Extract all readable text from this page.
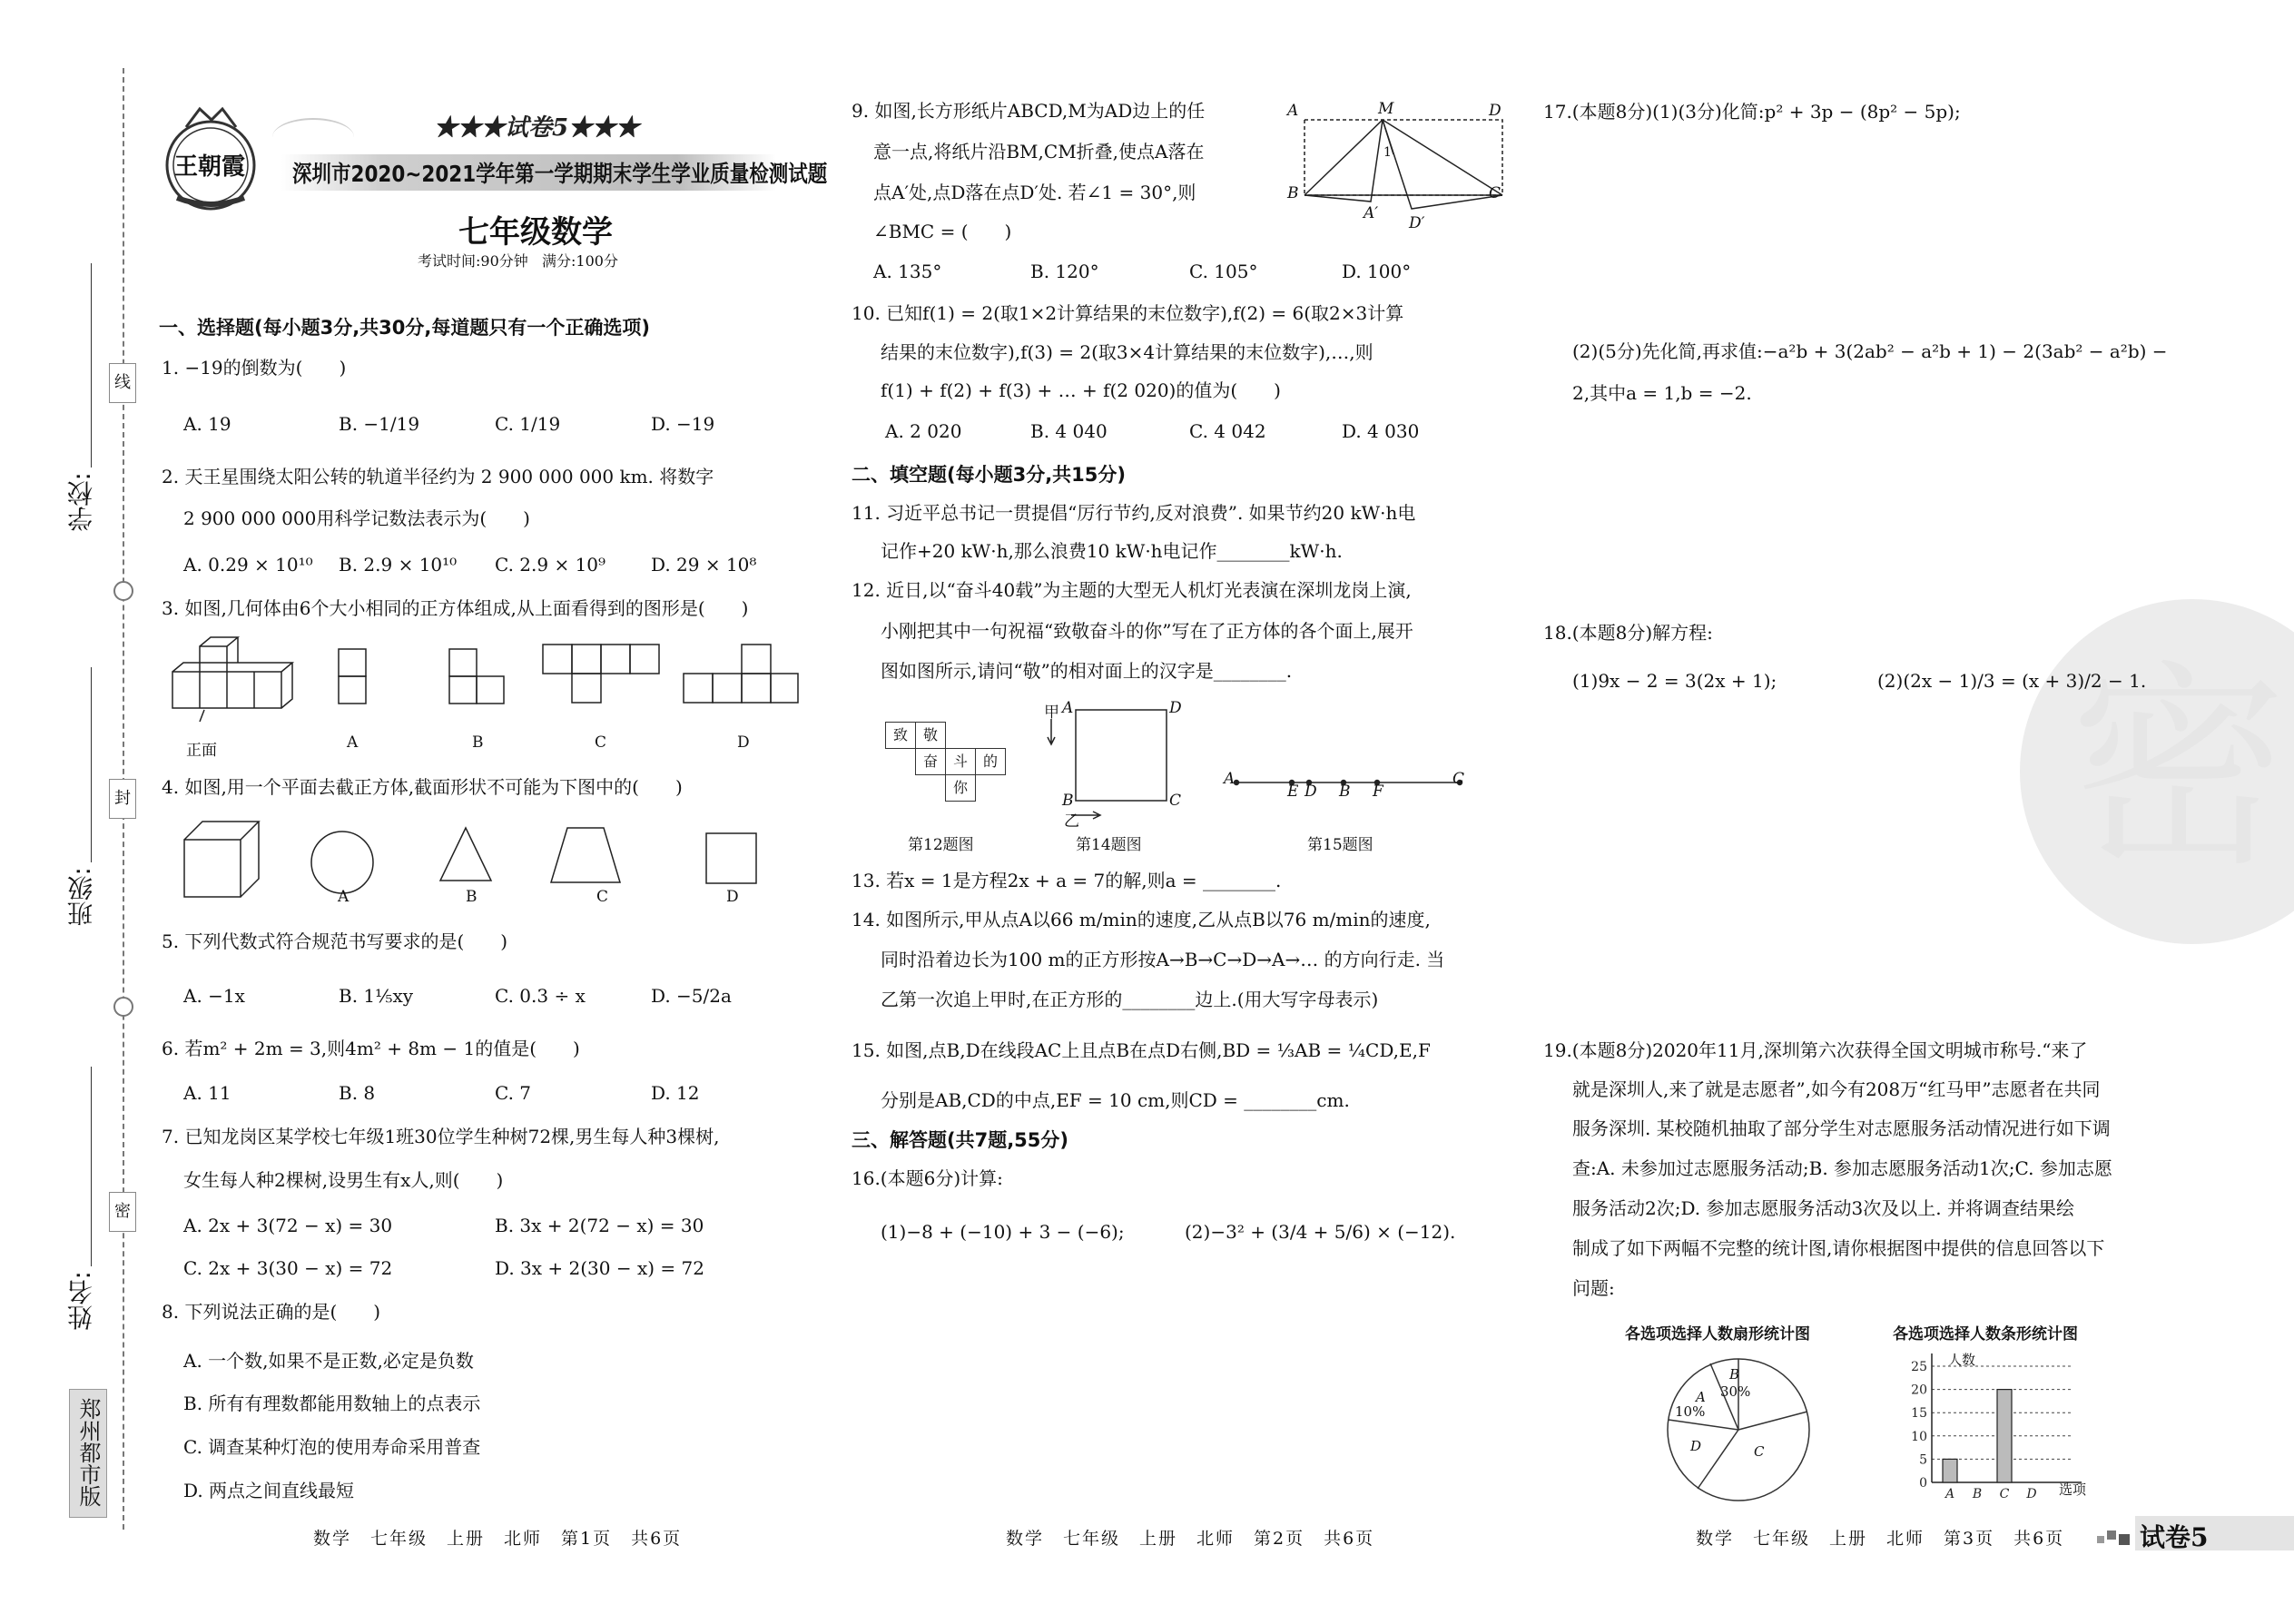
密
线
封
密
学校:
班级:
姓名:
郑州都市版
王朝霞
★★★试卷5★★★
深圳市2020~2021学年第一学期期末学生学业质量检测试题
七年级数学
考试时间:90分钟   满分:100分
一、选择题(每小题3分,共30分,每道题只有一个正确选项)
1. −19的倒数为(　　)
A. 19	B. −1/19	C. 1/19	D. −19
2. 天王星围绕太阳公转的轨道半径约为 2 900 000 000 km. 将数字
2 900 000 000用科学记数法表示为(　　)
A. 0.29 × 10¹⁰ B. 2.9 × 10¹⁰ C. 2.9 × 10⁹ D. 29 × 10⁸
3. 如图,几何体由6个大小相同的正方体组成,从上面看得到的图形是(　　)
正面	A	B	C	D
4. 如图,用一个平面去截正方体,截面形状不可能为下图中的(　　)
A	B	C	D
5. 下列代数式符合规范书写要求的是(　　)
A. −1x	B. 1⅕xy	C. 0.3 ÷ x	D. −5/2a
6. 若m² + 2m = 3,则4m² + 8m − 1的值是(　　)
A. 11	B. 8	C. 7	D. 12
7. 已知龙岗区某学校七年级1班30位学生种树72棵,男生每人种3棵树,
女生每人种2棵树,设男生有x人,则(　　)
A. 2x + 3(72 − x) = 30	B. 3x + 2(72 − x) = 30
C. 2x + 3(30 − x) = 72	D. 3x + 2(30 − x) = 72
8. 下列说法正确的是(　　)
A. 一个数,如果不是正数,必定是负数
B. 所有有理数都能用数轴上的点表示
C. 调查某种灯泡的使用寿命采用普查
D. 两点之间直线最短
数学　七年级　上册　北师　第1页　共6页
9. 如图,长方形纸片ABCD,M为AD边上的任
意一点,将纸片沿BM,CM折叠,使点A落在
点A′处,点D落在点D′处. 若∠1 = 30°,则
∠BMC = (　　)
A	M	D
B	C
A′
D′
1
A. 135°	B. 120°	C. 105°	D. 100°
10. 已知f(1) = 2(取1×2计算结果的末位数字),f(2) = 6(取2×3计算
结果的末位数字),f(3) = 2(取3×4计算结果的末位数字),…,则
f(1) + f(2) + f(3) + … + f(2 020)的值为(　　)
A. 2 020	B. 4 040	C. 4 042	D. 4 030
二、填空题(每小题3分,共15分)
11. 习近平总书记一贯提倡“厉行节约,反对浪费”. 如果节约20 kW·h电
记作+20 kW·h,那么浪费10 kW·h电记作________kW·h.
12. 近日,以“奋斗40载”为主题的大型无人机灯光表演在深圳龙岗上演,
小刚把其中一句祝福“致敬奋斗的你”写在了正方体的各个面上,展开
图如图所示,请问“敬”的相对面上的汉字是________.
致	敬
奋	斗	的
你
甲 A	D
B	C
乙
A
E D B F
C
第12题图	第14题图	第15题图
13. 若x = 1是方程2x + a = 7的解,则a = ________.
14. 如图所示,甲从点A以66 m/min的速度,乙从点B以76 m/min的速度,
同时沿着边长为100 m的正方形按A→B→C→D→A→… 的方向行走. 当
乙第一次追上甲时,在正方形的________边上.(用大写字母表示)
15. 如图,点B,D在线段AC上且点B在点D右侧,BD = ⅓AB = ¼CD,E,F
分别是AB,CD的中点,EF = 10 cm,则CD = ________cm.
三、解答题(共7题,55分)
16.(本题6分)计算:
(1)−8 + (−10) + 3 − (−6);	(2)−3² + (3/4 + 5/6) × (−12).
数学　七年级　上册　北师　第2页　共6页
17.(本题8分)(1)(3分)化简:p² + 3p − (8p² − 5p);
(2)(5分)先化简,再求值:−a²b + 3(2ab² − a²b + 1) − 2(3ab² − a²b) −
2,其中a = 1,b = −2.
18.(本题8分)解方程:
(1)9x − 2 = 3(2x + 1);	(2)(2x − 1)/3 = (x + 3)/2 − 1.
19.(本题8分)2020年11月,深圳第六次获得全国文明城市称号.“来了
就是深圳人,来了就是志愿者”,如今有208万“红马甲”志愿者在共同
服务深圳. 某校随机抽取了部分学生对志愿服务活动情况进行如下调
查:A. 未参加过志愿服务活动;B. 参加志愿服务活动1次;C. 参加志愿
服务活动2次;D. 参加志愿服务活动3次及以上. 并将调查结果绘
制成了如下两幅不完整的统计图,请你根据图中提供的信息回答以下
问题:
各选项选择人数扇形统计图	各选项选择人数条形统计图
A
10%
B
30%
C
D
0
5
10
15
20
25
A B C D
人数
选项
数学　七年级　上册　北师　第3页　共6页	试卷5
